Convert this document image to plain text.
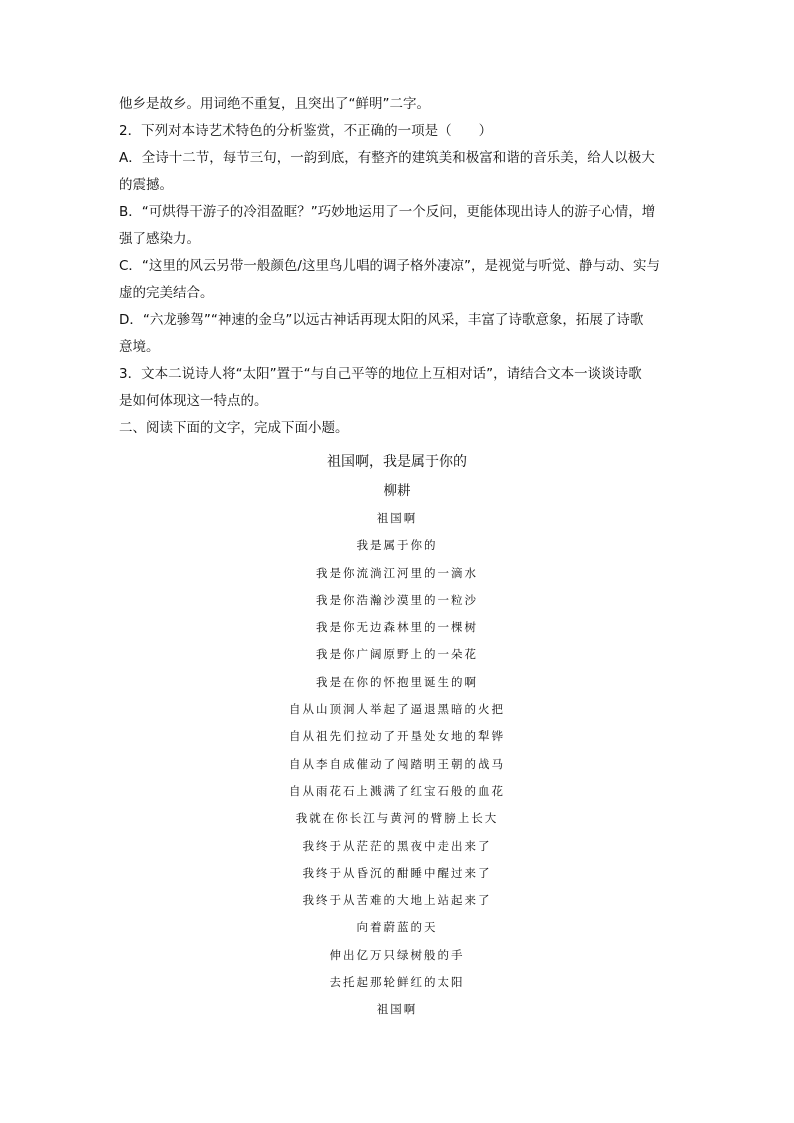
他乡是故乡。用词绝不重复，且突出了“鲜明”二字。
2．下列对本诗艺术特色的分析鉴赏，不正确的一项是（　　）
A．全诗十二节，每节三句，一韵到底，有整齐的建筑美和极富和谐的音乐美，给人以极大
的震撼。
B．“可烘得干游子的冷泪盈眶？”巧妙地运用了一个反问，更能体现出诗人的游子心情，增
强了感染力。
C．“这里的风云另带一般颜色/这里鸟儿唱的调子格外凄凉”，是视觉与听觉、静与动、实与
虚的完美结合。
D．“六龙骖驾”“神速的金乌”以远古神话再现太阳的风采，丰富了诗歌意象，拓展了诗歌
意境。
3．文本二说诗人将“太阳”置于“与自己平等的地位上互相对话”，请结合文本一谈谈诗歌
是如何体现这一特点的。
二、阅读下面的文字，完成下面小题。
祖国啊，我是属于你的
柳耕
祖国啊
我是属于你的
我是你流淌江河里的一滴水
我是你浩瀚沙漠里的一粒沙
我是你无边森林里的一棵树
我是你广阔原野上的一朵花
我是在你的怀抱里诞生的啊
自从山顶洞人举起了逼退黑暗的火把
自从祖先们拉动了开垦处女地的犁铧
自从李自成催动了闯踏明王朝的战马
自从雨花石上溅满了红宝石般的血花
我就在你长江与黄河的臂膀上长大
我终于从茫茫的黑夜中走出来了
我终于从昏沉的酣睡中醒过来了
我终于从苦难的大地上站起来了
向着蔚蓝的天
伸出亿万只绿树般的手
去托起那轮鲜红的太阳
祖国啊
